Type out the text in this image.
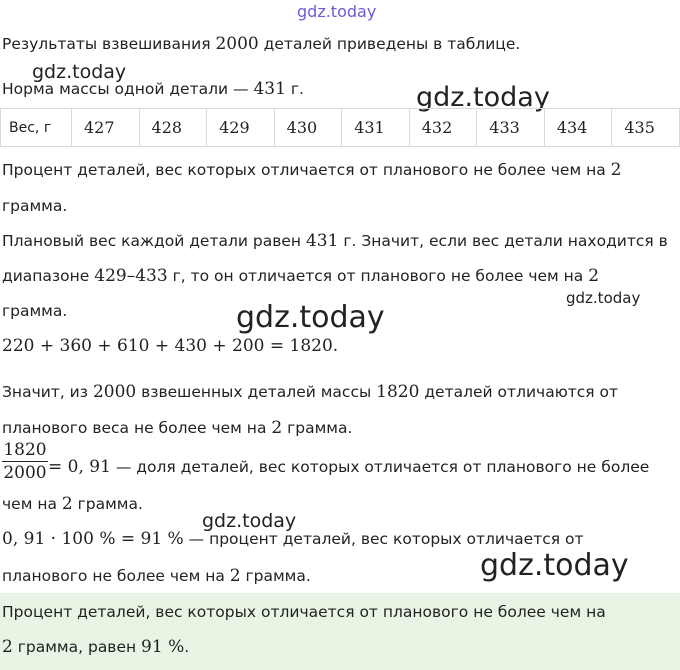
gdz.today
gdz.today
gdz.today
gdz.today
gdz.today
gdz.today
gdz.today
Результаты взвешивания 2000 деталей приведены в таблице.
Норма массы одной детали — 431 г.
Вес, г	427	428	429	430	431	432	433	434	435
Процент деталей, вес которых отличается от планового не более чем на 2
грамма.
Плановый вес каждой детали равен 431 г. Значит, если вес детали находится в
диапазоне 429–433 г, то он отличается от планового не более чем на 2
грамма.
220 + 360 + 610 + 430 + 200 = 1820.
Значит, из 2000 взвешенных деталей массы 1820 деталей отличаются от
планового веса не более чем на 2 грамма.
1820
2000 = 0, 91 — доля деталей, вес которых отличается от планового не более
чем на 2 грамма.
0, 91 · 100 % = 91 % — процент деталей, вес которых отличается от
планового не более чем на 2 грамма.
Процент деталей, вес которых отличается от планового не более чем на
2 грамма, равен 91 %.
